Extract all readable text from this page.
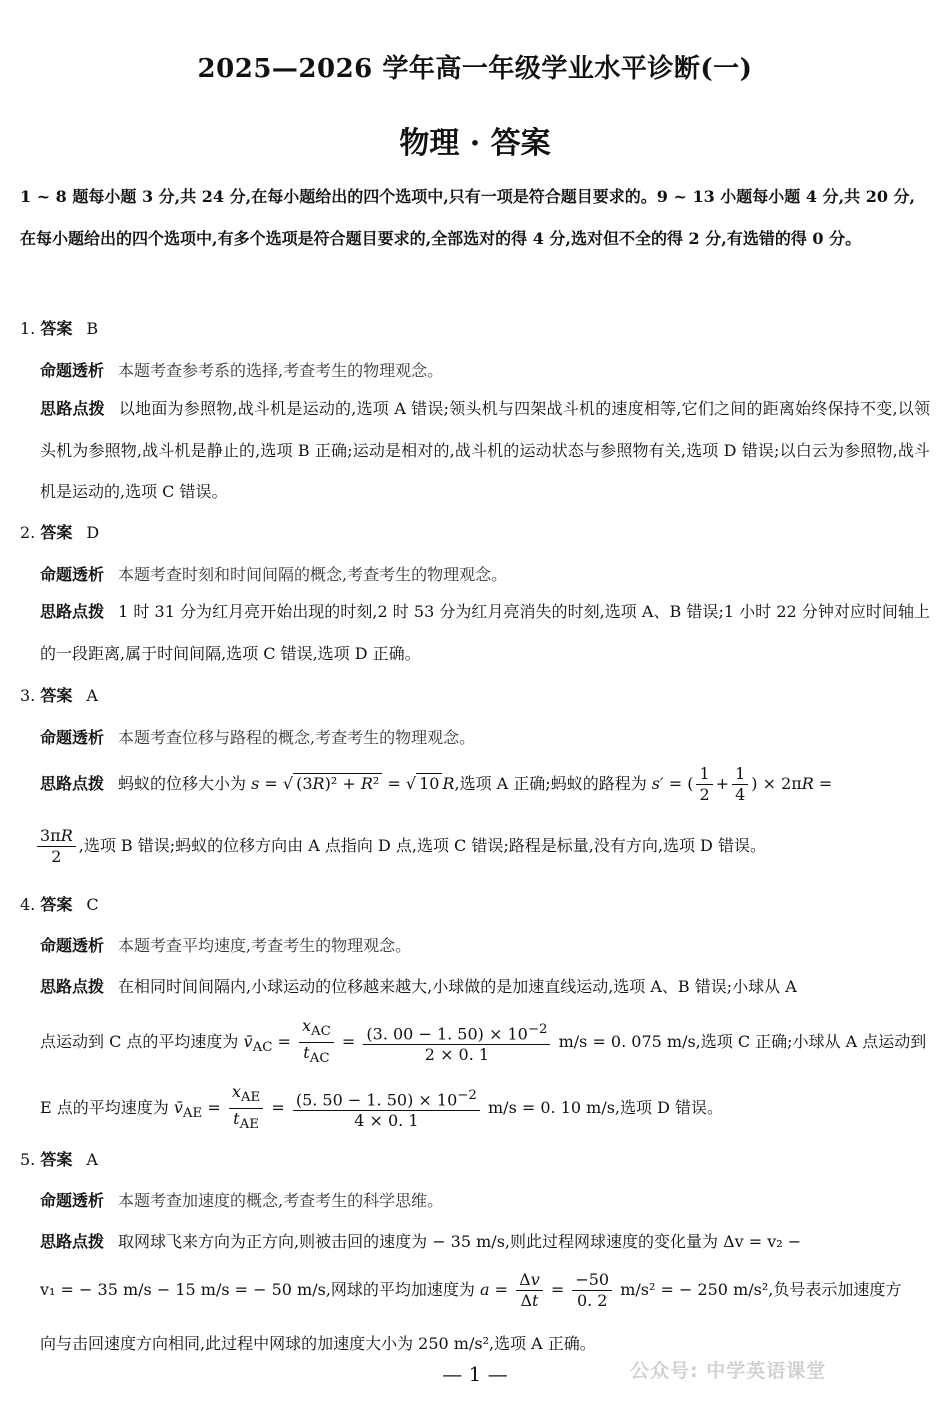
2025—2026 学年高一年级学业水平诊断(一)
物理 · 答案
1 ~ 8 题每小题 3 分,共 24 分,在每小题给出的四个选项中,只有一项是符合题目要求的。9 ~ 13 小题每小题 4 分,共 20 分,在每小题给出的四个选项中,有多个选项是符合题目要求的,全部选对的得 4 分,选对但不全的得 2 分,有选错的得 0 分。
1. 答案 B
命题透析 本题考查参考系的选择,考查考生的物理观念。
思路点拨 以地面为参照物,战斗机是运动的,选项 A 错误;领头机与四架战斗机的速度相等,它们之间的距离始终保持不变,以领头机为参照物,战斗机是静止的,选项 B 正确;运动是相对的,战斗机的运动状态与参照物有关,选项 D 错误;以白云为参照物,战斗机是运动的,选项 C 错误。
2. 答案 D
命题透析 本题考查时刻和时间间隔的概念,考查考生的物理观念。
思路点拨 1 时 31 分为红月亮开始出现的时刻,2 时 53 分为红月亮消失的时刻,选项 A、B 错误;1 小时 22 分钟对应时间轴上的一段距离,属于时间间隔,选项 C 错误,选项 D 正确。
3. 答案 A
命题透析 本题考查位移与路程的概念,考查考生的物理观念。
思路点拨 蚂蚁的位移大小为 s = √ (3R)² + R² = √ 10 R,选项 A 正确;蚂蚁的路程为 s′ = ( $\frac{1}{2} + \frac{1}{4}$ ) × 2πR =
$\frac{3\pi R}{2}$ ,选项 B 错误;蚂蚁的位移方向由 A 点指向 D 点,选项 C 错误;路程是标量,没有方向,选项 D 错误。
4. 答案 C
命题透析 本题考查平均速度,考查考生的物理观念。
思路点拨 在相同时间间隔内,小球运动的位移越来越大,小球做的是加速直线运动,选项 A、B 错误;小球从 A
点运动到 C 点的平均速度为 $v̄_{AC} = \frac{x_{AC}}{t_{AC}} = \frac{(3. 00 - 1. 50) \times 10^{-2}}{2 \times 0. 1} m/s = 0$. 075 m/s,选项 C 正确;小球从 A 点运动到
E 点的平均速度为 $v̄_{AE} = \frac{x_{AE}}{t_{AE}} = \frac{(5. 50 - 1. 50) \times 10^{-2}}{4 \times 0. 1} m/s = 0$. 10 m/s,选项 D 错误。
5. 答案 A
命题透析 本题考查加速度的概念,考查考生的科学思维。
思路点拨 取网球飞来方向为正方向,则被击回的速度为 − 35 m/s,则此过程网球速度的变化量为 Δv = v₂ −
v₁ = − 35 m/s − 15 m/s = − 50 m/s,网球的平均加速度为 $a = \frac{\Delta v}{\Delta t} = \frac{-50}{0. 2} m/s^2$ = − 250 m/s²,负号表示加速度方
向与击回速度方向相同,此过程中网球的加速度大小为 250 m/s²,选项 A 正确。
— 1 —	公众号: 中学英语课堂
